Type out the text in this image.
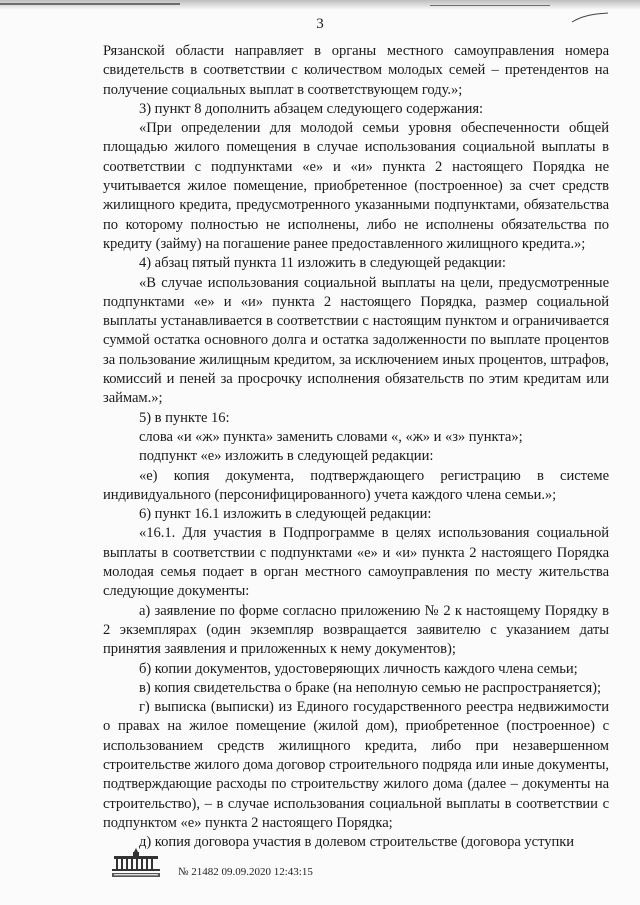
3

Рязанской области направляет в органы местного самоуправления номера свидетельств в соответствии с количеством молодых семей – претендентов на получение социальных выплат в соответствующем году.»;

3) пункт 8 дополнить абзацем следующего содержания:

«При определении для молодой семьи уровня обеспеченности общей площадью жилого помещения в случае использования социальной выплаты в соответствии с подпунктами «е» и «и» пункта 2 настоящего Порядка не учитывается жилое помещение, приобретенное (построенное) за счет средств жилищного кредита, предусмотренного указанными подпунктами, обязательства по которому полностью не исполнены, либо не исполнены обязательства по кредиту (займу) на погашение ранее предоставленного жилищного кредита.»;

4) абзац пятый пункта 11 изложить в следующей редакции:

«В случае использования социальной выплаты на цели, предусмотренные подпунктами «е» и «и» пункта 2 настоящего Порядка, размер социальной выплаты устанавливается в соответствии с настоящим пунктом и ограничивается суммой остатка основного долга и остатка задолженности по выплате процентов за пользование жилищным кредитом, за исключением иных процентов, штрафов, комиссий и пеней за просрочку исполнения обязательств по этим кредитам или займам.»;

5) в пункте 16:

слова «и «ж» пункта» заменить словами «, «ж» и «з» пункта»;

подпункт «е» изложить в следующей редакции:

«е) копия документа, подтверждающего регистрацию в системе индивидуального (персонифицированного) учета каждого члена семьи.»;

6) пункт 16.1 изложить в следующей редакции:

«16.1. Для участия в Подпрограмме в целях использования социальной выплаты в соответствии с подпунктами «е» и «и» пункта 2 настоящего Порядка молодая семья подает в орган местного самоуправления по месту жительства следующие документы:

а) заявление по форме согласно приложению № 2 к настоящему Порядку в 2 экземплярах (один экземпляр возвращается заявителю с указанием даты принятия заявления и приложенных к нему документов);

б) копии документов, удостоверяющих личность каждого члена семьи;

в) копия свидетельства о браке (на неполную семью не распространяется);

г) выписка (выписки) из Единого государственного реестра недвижимости о правах на жилое помещение (жилой дом), приобретенное (построенное) с использованием средств жилищного кредита, либо при незавершенном строительстве жилого дома договор строительного подряда или иные документы, подтверждающие расходы по строительству жилого дома (далее – документы на строительство), – в случае использования социальной выплаты в соответствии с подпунктом «е» пункта 2 настоящего Порядка;

д) копия договора участия в долевом строительстве (договора уступки

№ 21482 09.09.2020 12:43:15
